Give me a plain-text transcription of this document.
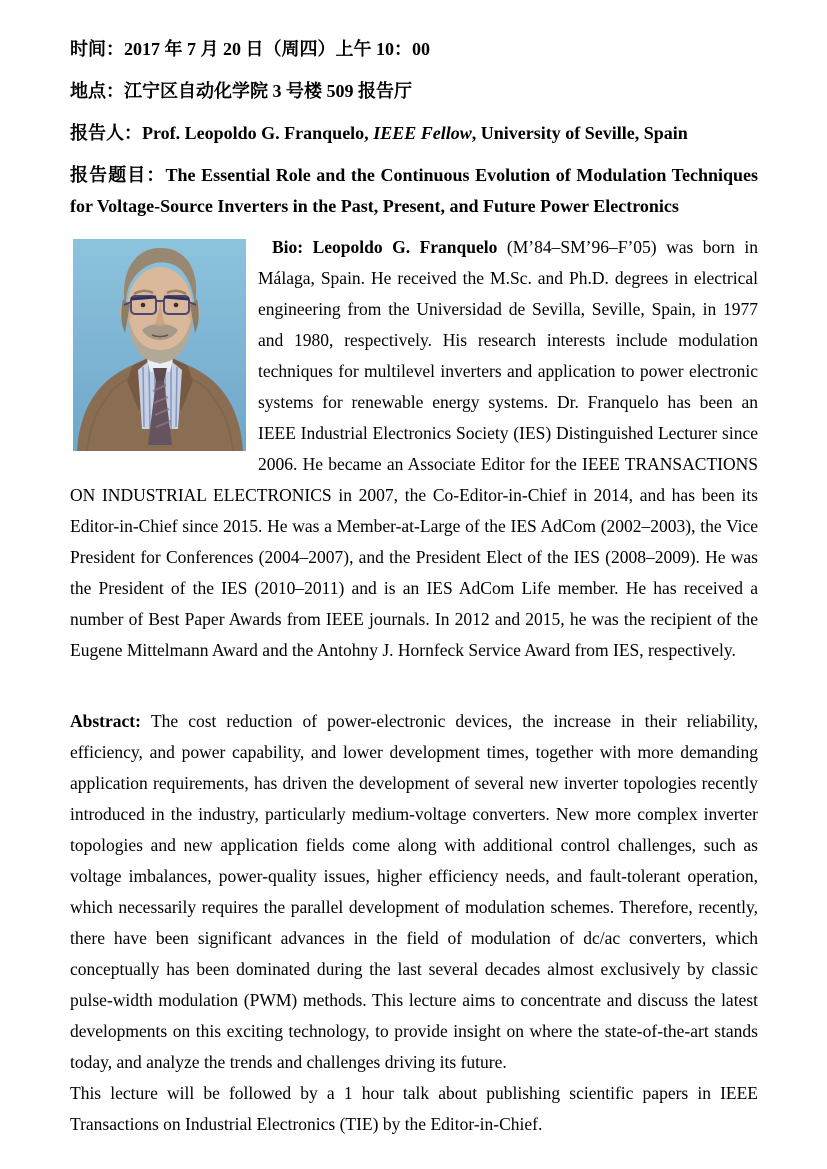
时间：2017 年 7 月 20 日（周四）上午 10：00

地点：江宁区自动化学院 3 号楼 509 报告厅

报告人：Prof. Leopoldo G. Franquelo, IEEE Fellow, University of Seville, Spain

报告题目：The Essential Role and the Continuous Evolution of Modulation Techniques for Voltage-Source Inverters in the Past, Present, and Future Power Electronics

Bio: Leopoldo G. Franquelo (M’84–SM’96–F’05) was born in Málaga, Spain. He received the M.Sc. and Ph.D. degrees in electrical engineering from the Universidad de Sevilla, Seville, Spain, in 1977 and 1980, respectively. His research interests include modulation techniques for multilevel inverters and application to power electronic systems for renewable energy systems. Dr. Franquelo has been an IEEE Industrial Electronics Society (IES) Distinguished Lecturer since 2006. He became an Associate Editor for the IEEE TRANSACTIONS ON INDUSTRIAL ELECTRONICS in 2007, the Co-Editor-in-Chief in 2014, and has been its Editor-in-Chief since 2015. He was a Member-at-Large of the IES AdCom (2002–2003), the Vice President for Conferences (2004–2007), and the President Elect of the IES (2008–2009). He was the President of the IES (2010–2011) and is an IES AdCom Life member. He has received a number of Best Paper Awards from IEEE journals. In 2012 and 2015, he was the recipient of the Eugene Mittelmann Award and the Antohny J. Hornfeck Service Award from IES, respectively.

Abstract: The cost reduction of power-electronic devices, the increase in their reliability, efficiency, and power capability, and lower development times, together with more demanding application requirements, has driven the development of several new inverter topologies recently introduced in the industry, particularly medium-voltage converters. New more complex inverter topologies and new application fields come along with additional control challenges, such as voltage imbalances, power-quality issues, higher efficiency needs, and fault-tolerant operation, which necessarily requires the parallel development of modulation schemes. Therefore, recently, there have been significant advances in the field of modulation of dc/ac converters, which conceptually has been dominated during the last several decades almost exclusively by classic pulse-width modulation (PWM) methods. This lecture aims to concentrate and discuss the latest developments on this exciting technology, to provide insight on where the state-of-the-art stands today, and analyze the trends and challenges driving its future.

This lecture will be followed by a 1 hour talk about publishing scientific papers in IEEE Transactions on Industrial Electronics (TIE) by the Editor-in-Chief.
